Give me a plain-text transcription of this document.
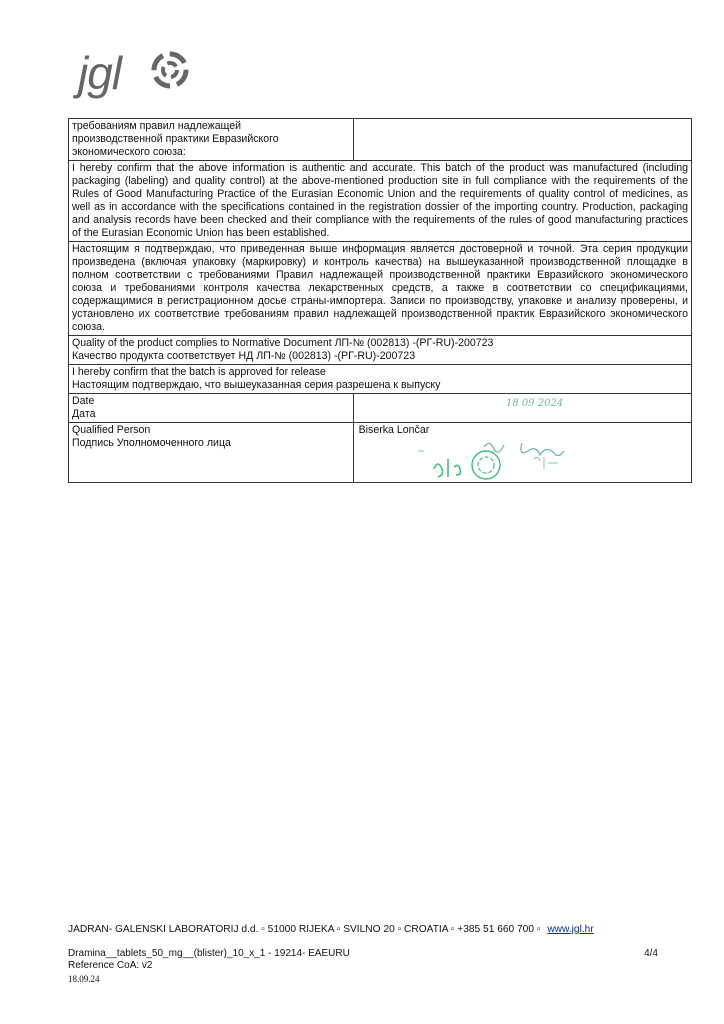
jgl
требованиям правил надлежащей
производственной практики Евразийского
экономического союза:	

I hereby confirm that the above information is authentic and accurate. This batch of the product was manufactured (including packaging (labeling) and quality control) at the above-mentioned production site in full compliance with the requirements of the Rules of Good Manufacturing Practice of the Eurasian Economic Union and the requirements of quality control of medicines, as well as in accordance with the specifications contained in the registration dossier of the importing country. Production, packaging and analysis records have been checked and their compliance with the requirements of the rules of good manufacturing practices of the Eurasian Economic Union has been established.	
Настоящим я подтверждаю, что приведенная выше информация является достоверной и точной. Эта серия продукции произведена (включая упаковку (маркировку) и контроль качества) на вышеуказанной производственной площадке в полном соответствии с требованиями Правил надлежащей производственной практики Евразийского экономического союза и требованиями контроля качества лекарственных средств, а также в соответствии со спецификациями, содержащимися в регистрационном досье страны-импортера. Записи по производству, упаковке и анализу проверены, и установлено их соответствие требованиям правил надлежащей производственной практик Евразийского экономического союза.	

Quality of the product complies to Normative Document ЛП-№ (002813) -(РГ-RU)-200723
Качество продукта соответствует НД ЛП-№ (002813) -(РГ-RU)-200723	

I hereby confirm that the batch is approved for release
Настоящим подтверждаю, что вышеуказанная серия разрешена к выпуску	

Date
Дата	18 09 2024

Qualified Person
Подпись Уполномоченного лица	Biserka Lončar
JADRAN- GALENSKI LABORATORIJ d.d. ▫ 51000 RIJEKA ▫ SVILNO 20 ▫ CROATIA ▫ +385 51 660 700 ▫ www.jgl.hr
Dramina__tablets_50_mg__(blister)_10_x_1 - 19214- EAEURU
Reference CoA: v2
4/4
18.09.24
